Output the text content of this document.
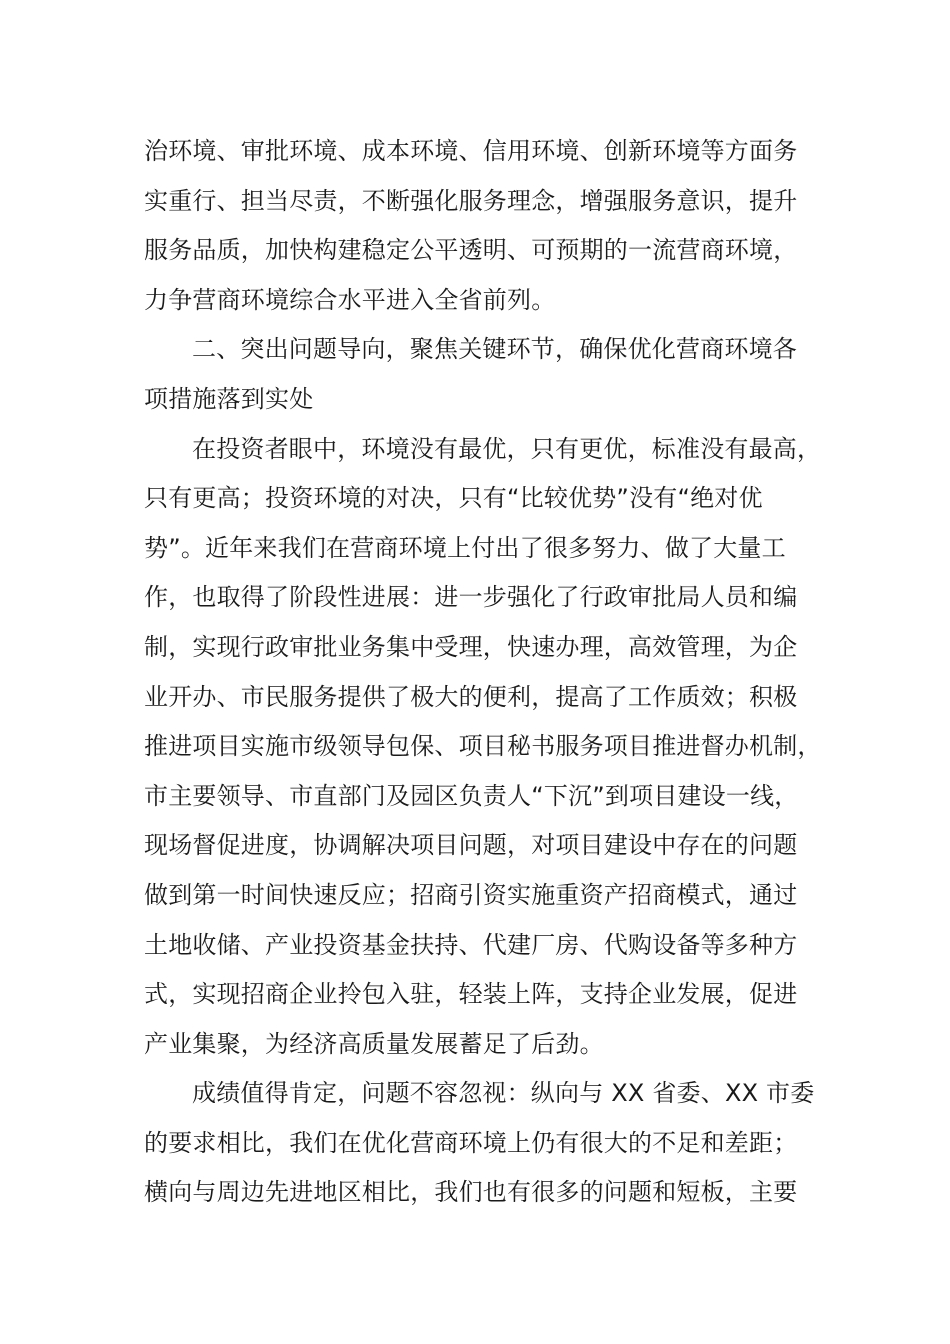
治环境、审批环境、成本环境、信用环境、创新环境等方面务
实重行、担当尽责，不断强化服务理念，增强服务意识，提升
服务品质，加快构建稳定公平透明、可预期的一流营商环境，
力争营商环境综合水平进入全省前列。
二、突出问题导向，聚焦关键环节，确保优化营商环境各
项措施落到实处
在投资者眼中，环境没有最优，只有更优，标准没有最高，
只有更高；投资环境的对决，只有“比较优势”没有“绝对优
势”。近年来我们在营商环境上付出了很多努力、做了大量工
作，也取得了阶段性进展：进一步强化了行政审批局人员和编
制，实现行政审批业务集中受理，快速办理，高效管理，为企
业开办、市民服务提供了极大的便利，提高了工作质效；积极
推进项目实施市级领导包保、项目秘书服务项目推进督办机制，
市主要领导、市直部门及园区负责人“下沉”到项目建设一线，
现场督促进度，协调解决项目问题，对项目建设中存在的问题
做到第一时间快速反应；招商引资实施重资产招商模式，通过
土地收储、产业投资基金扶持、代建厂房、代购设备等多种方
式，实现招商企业拎包入驻，轻装上阵，支持企业发展，促进
产业集聚，为经济高质量发展蓄足了后劲。
成绩值得肯定，问题不容忽视：纵向与 XX 省委、XX 市委
的要求相比，我们在优化营商环境上仍有很大的不足和差距；
横向与周边先进地区相比，我们也有很多的问题和短板，主要
